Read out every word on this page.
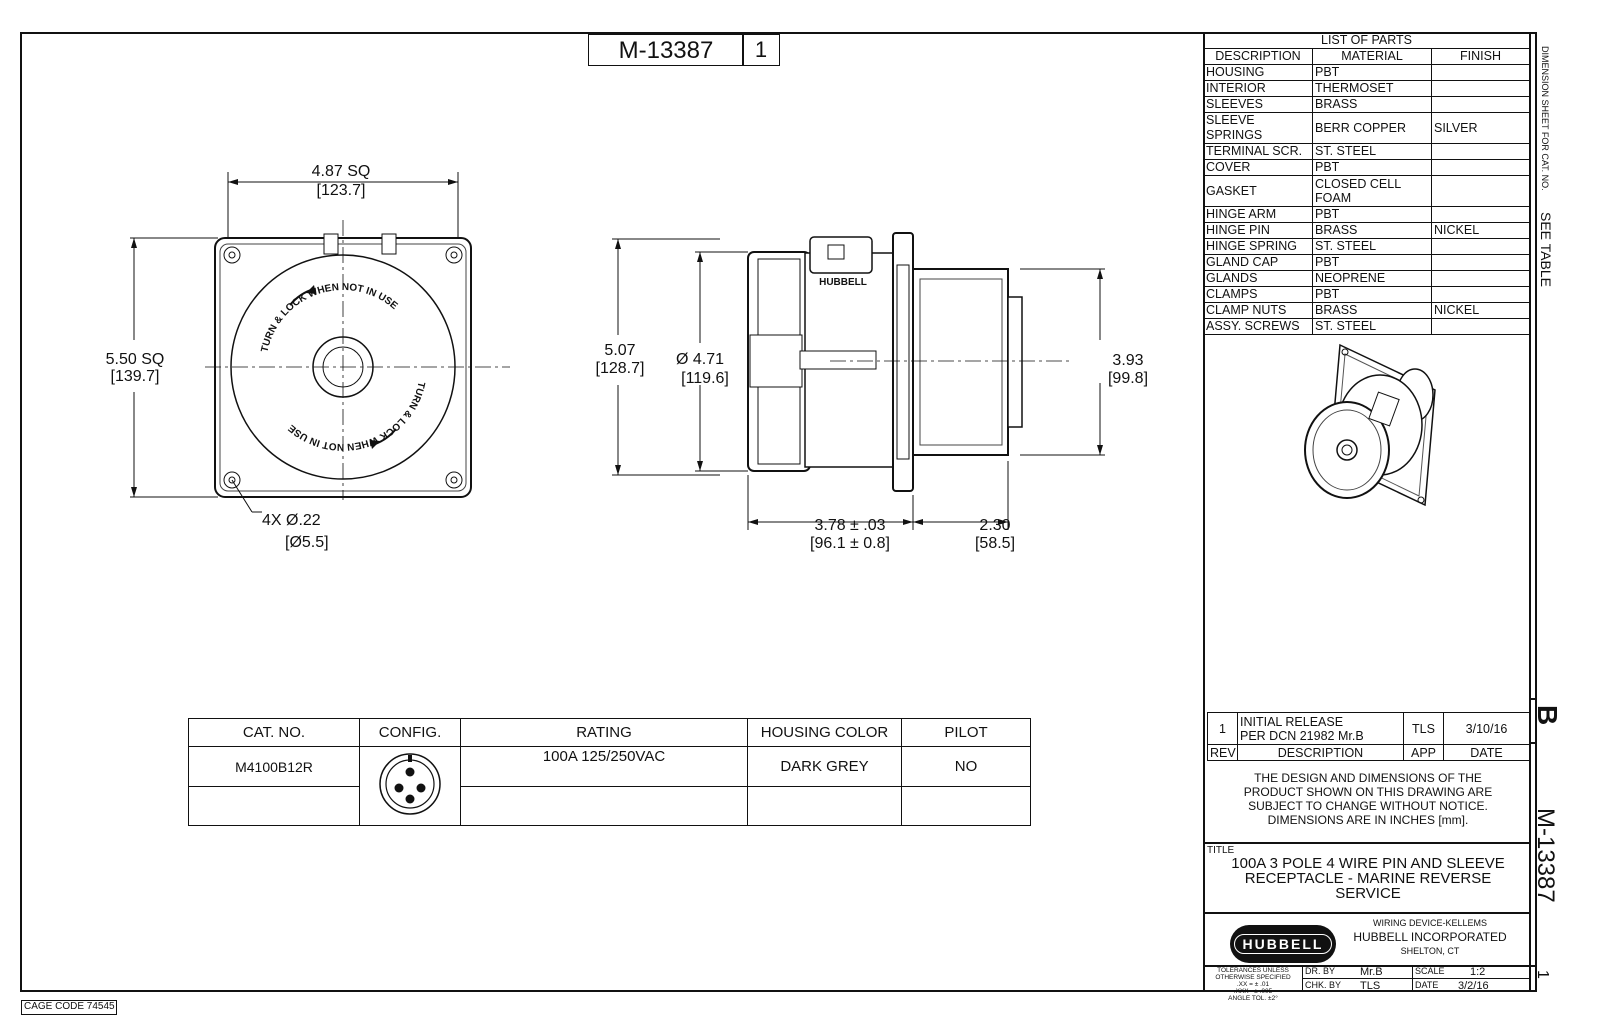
M-13387	1
CAGE CODE 74545
TURN & LOCK WHEN NOT IN USE
TURN & LOCK WHEN NOT IN USE
4.87 SQ
[123.7]
5.50 SQ
[139.7]
4X Ø.22
[Ø5.5]
HUBBELL
5.07
[128.7]
Ø 4.71
[119.6]
3.93
[99.8]
3.78 ± .03
[96.1 ± 0.8]
2.30
[58.5]
CAT. NO.	CONFIG.	RATING	HOUSING COLOR	PILOT
M4100B12R		100A 125/250VAC	DARK GREY	NO

LIST OF PARTS		
DESCRIPTION	MATERIAL	FINISH
HOUSING	PBT	
INTERIOR	THERMOSET	
SLEEVES	BRASS	
SLEEVE SPRINGS	BERR COPPER	SILVER
TERMINAL SCR.	ST. STEEL	
COVER	PBT	
GASKET	CLOSED CELL FOAM	
HINGE ARM	PBT	
HINGE PIN	BRASS	NICKEL
HINGE SPRING	ST. STEEL	
GLAND CAP	PBT	
GLANDS	NEOPRENE	
CLAMPS	PBT	
CLAMP NUTS	BRASS	NICKEL
ASSY. SCREWS	ST. STEEL	
1	INITIAL RELEASE
PER DCN 21982 Mr.B	TLS	3/10/16
REV	DESCRIPTION	APP	DATE
THE DESIGN AND DIMENSIONS OF THE
PRODUCT SHOWN ON THIS DRAWING ARE
SUBJECT TO CHANGE WITHOUT NOTICE.
DIMENSIONS ARE IN INCHES [mm].
TITLE
100A 3 POLE 4 WIRE PIN AND SLEEVE
RECEPTACLE - MARINE REVERSE
SERVICE
HUBBELL
WIRING DEVICE-KELLEMS
HUBBELL INCORPORATED
SHELTON, CT
TOLERANCES UNLESS
OTHERWISE SPECIFIED
.XX = ± .01
.XXX= ± .005
ANGLE TOL. ±2°
DR. BY Mr.B	SCALE 1:2
CHK. BY TLS	DATE 3/2/16
DIMENSION SHEET FOR CAT. NO.
SEE TABLE
B
M-13387
1
